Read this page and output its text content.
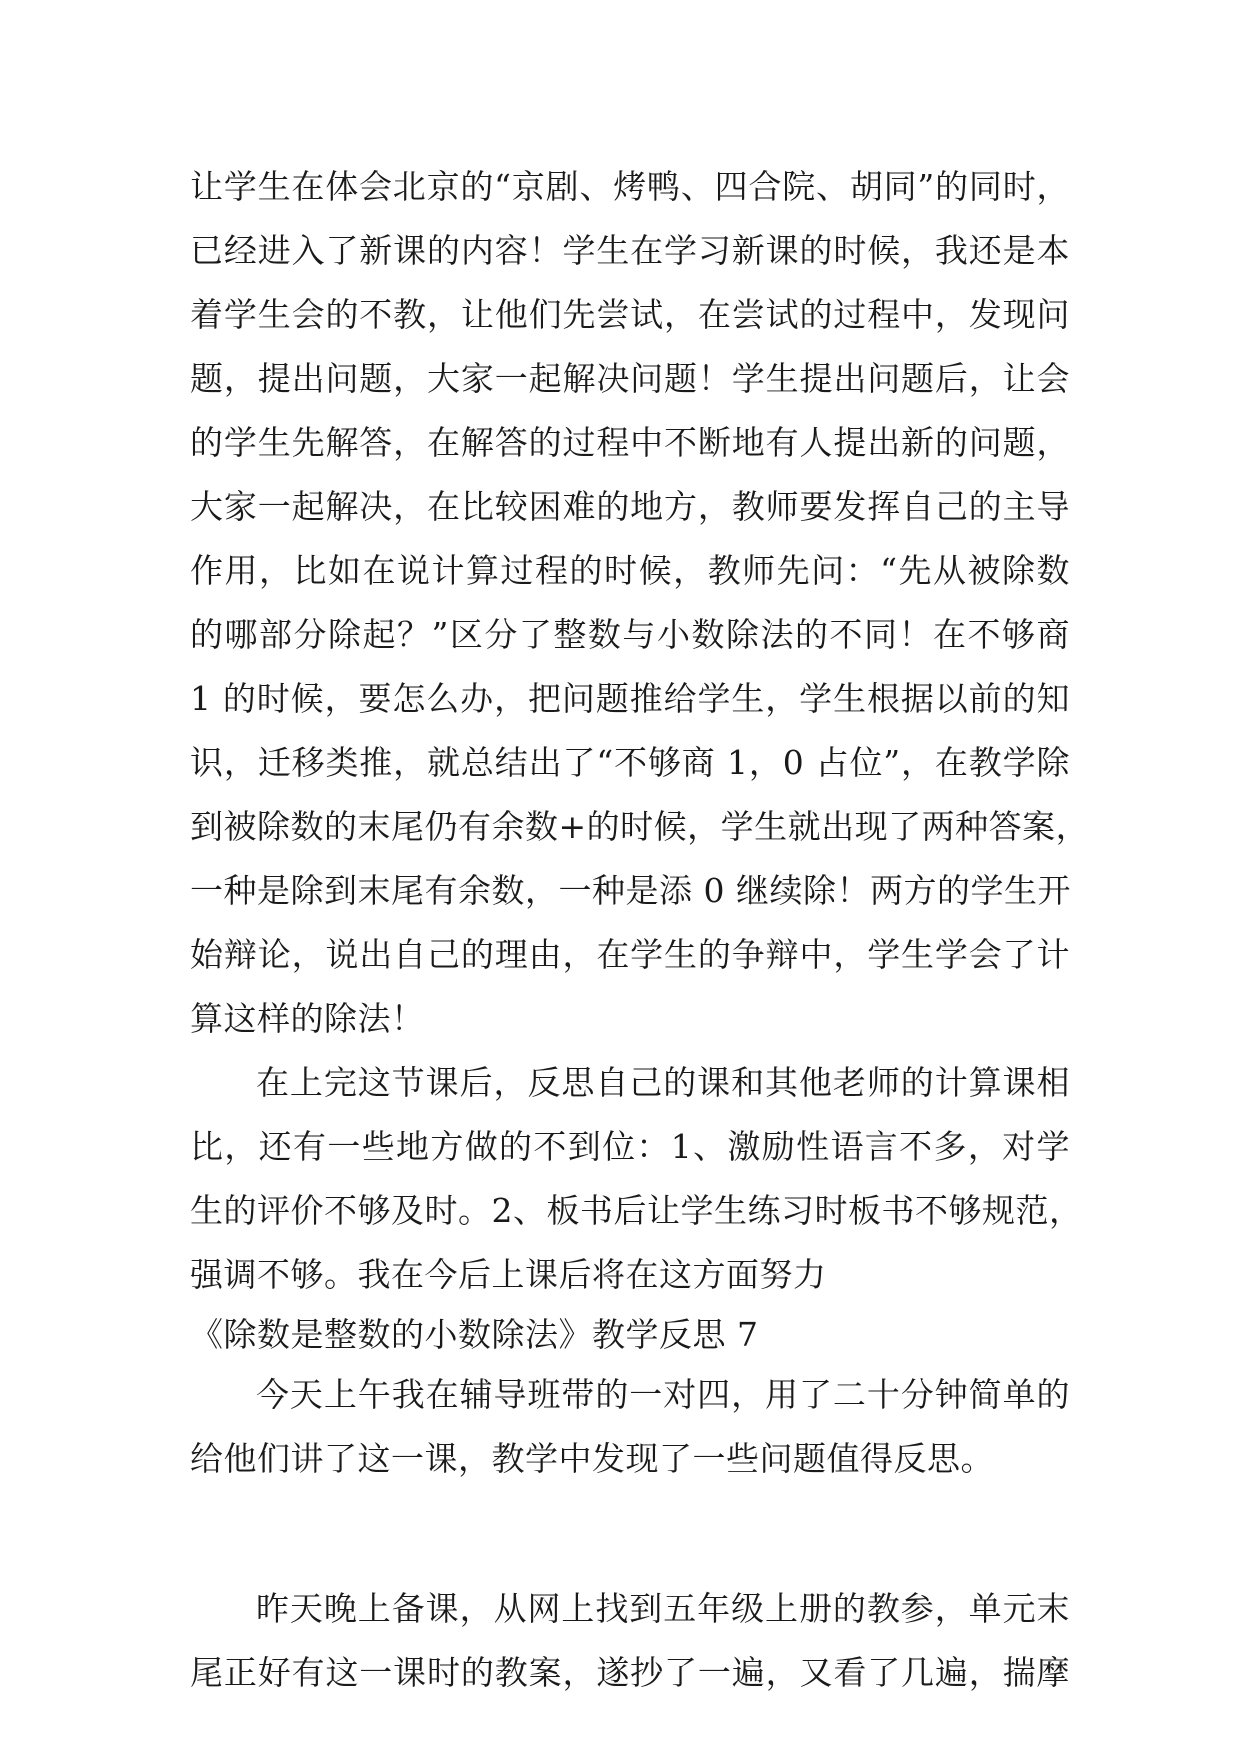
让学生在体会北京的“京剧、烤鸭、四合院、胡同”的同时，
已经进入了新课的内容！学生在学习新课的时候，我还是本
着学生会的不教，让他们先尝试，在尝试的过程中，发现问
题，提出问题，大家一起解决问题！学生提出问题后，让会
的学生先解答，在解答的过程中不断地有人提出新的问题，
大家一起解决，在比较困难的地方，教师要发挥自己的主导
作用，比如在说计算过程的时候，教师先问：“先从被除数
的哪部分除起？”区分了整数与小数除法的不同！在不够商
1 的时候，要怎么办，把问题推给学生，学生根据以前的知
识，迁移类推，就总结出了“不够商 1，0 占位”，在教学除
到被除数的末尾仍有余数+的时候，学生就出现了两种答案，
一种是除到末尾有余数，一种是添 0 继续除！两方的学生开
始辩论，说出自己的理由，在学生的争辩中，学生学会了计
算这样的除法！
在上完这节课后，反思自己的课和其他老师的计算课相
比，还有一些地方做的不到位：1、激励性语言不多，对学
生的评价不够及时。2、板书后让学生练习时板书不够规范，
强调不够。我在今后上课后将在这方面努力
《除数是整数的小数除法》教学反思 7
今天上午我在辅导班带的一对四，用了二十分钟简单的
给他们讲了这一课，教学中发现了一些问题值得反思。
昨天晚上备课，从网上找到五年级上册的教参，单元末
尾正好有这一课时的教案，遂抄了一遍，又看了几遍，揣摩
